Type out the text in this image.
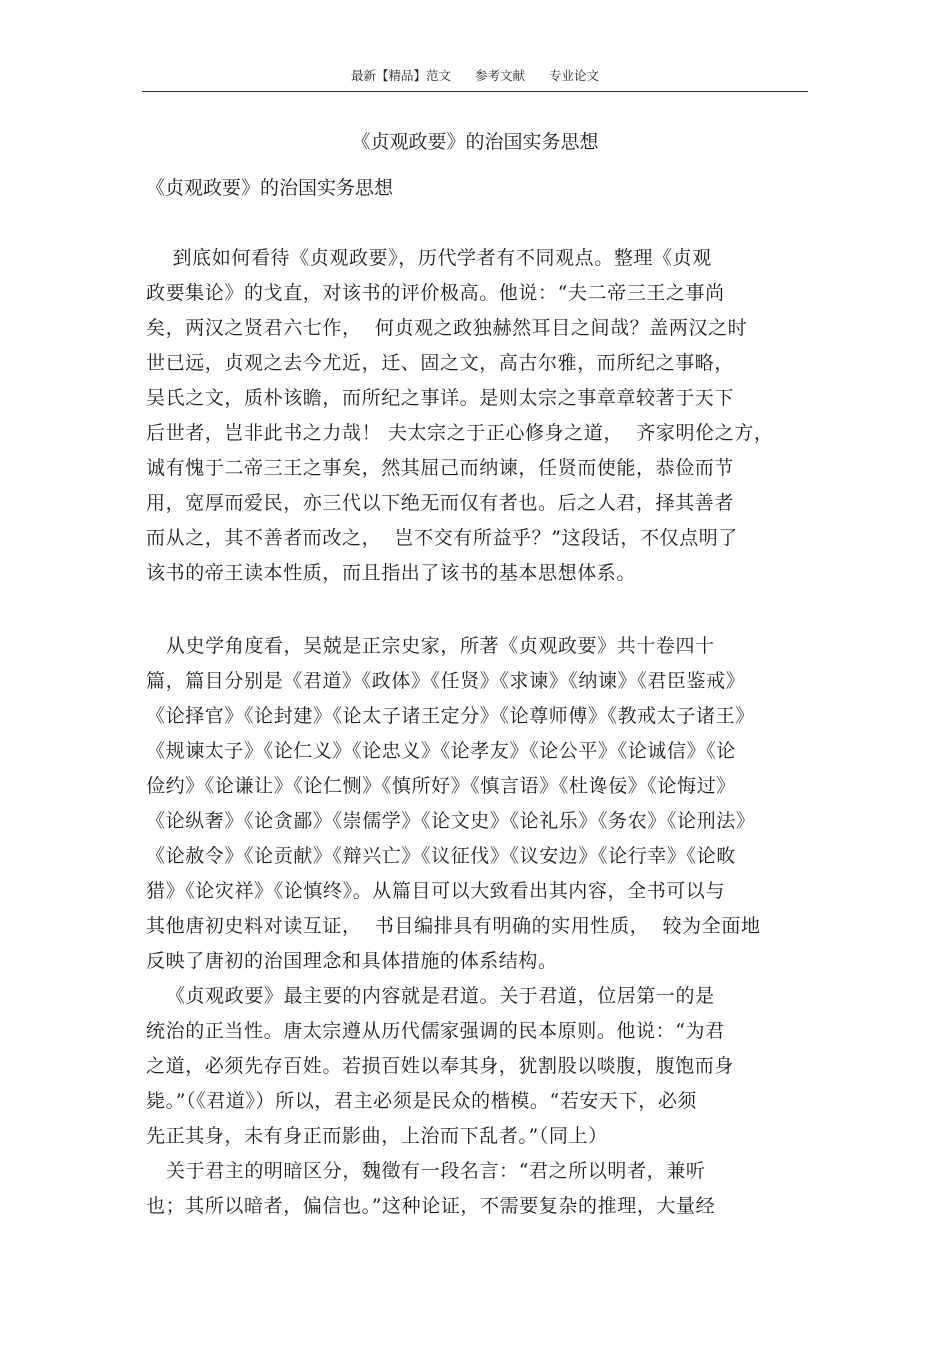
最新【精品】范文 参考文献 专业论文
《贞观政要》的治国实务思想
《贞观政要》的治国实务思想
到底如何看待《贞观政要》，历代学者有不同观点。整理《贞观
政要集论》的戈直，对该书的评价极高。他说：“夫二帝三王之事尚
矣，两汉之贤君六七作，  何贞观之政独赫然耳目之间哉？盖两汉之时
世已远，贞观之去今尤近，迁、固之文，高古尔雅，而所纪之事略，
吴氏之文，质朴该瞻，而所纪之事详。是则太宗之事章章较著于天下
后世者，岂非此书之力哉！ 夫太宗之于正心修身之道，  齐家明伦之方，
诚有愧于二帝三王之事矣，然其屈己而纳谏，任贤而使能，恭俭而节
用，宽厚而爱民，亦三代以下绝无而仅有者也。后之人君，择其善者
而从之，其不善者而改之，  岂不交有所益乎？”这段话，不仅点明了
该书的帝王读本性质，而且指出了该书的基本思想体系。
从史学角度看，吴兢是正宗史家，所著《贞观政要》共十卷四十
篇，篇目分别是《君道》《政体》《任贤》《求谏》《纳谏》《君臣鉴戒》
《论择官》《论封建》《论太子诸王定分》《论尊师傅》《教戒太子诸王》
《规谏太子》《论仁义》《论忠义》《论孝友》《论公平》《论诚信》《论
俭约》《论谦让》《论仁恻》《慎所好》《慎言语》《杜谗佞》《论悔过》
《论纵奢》《论贪鄙》《崇儒学》《论文史》《论礼乐》《务农》《论刑法》
《论赦令》《论贡献》《辩兴亡》《议征伐》《议安边》《论行幸》《论畋
猎》《论灾祥》《论慎终》。从篇目可以大致看出其内容，全书可以与
其他唐初史料对读互证，  书目编排具有明确的实用性质，  较为全面地
反映了唐初的治国理念和具体措施的体系结构。
《贞观政要》最主要的内容就是君道。关于君道，位居第一的是
统治的正当性。唐太宗遵从历代儒家强调的民本原则。他说：“为君
之道，必须先存百姓。若损百姓以奉其身，犹割股以啖腹，腹饱而身
毙。”（《君道》）所以，君主必须是民众的楷模。“若安天下，必须
先正其身，未有身正而影曲，上治而下乱者。”（同上）
关于君主的明暗区分，魏徵有一段名言：“君之所以明者，兼听
也；其所以暗者，偏信也。”这种论证，不需要复杂的推理，大量经
